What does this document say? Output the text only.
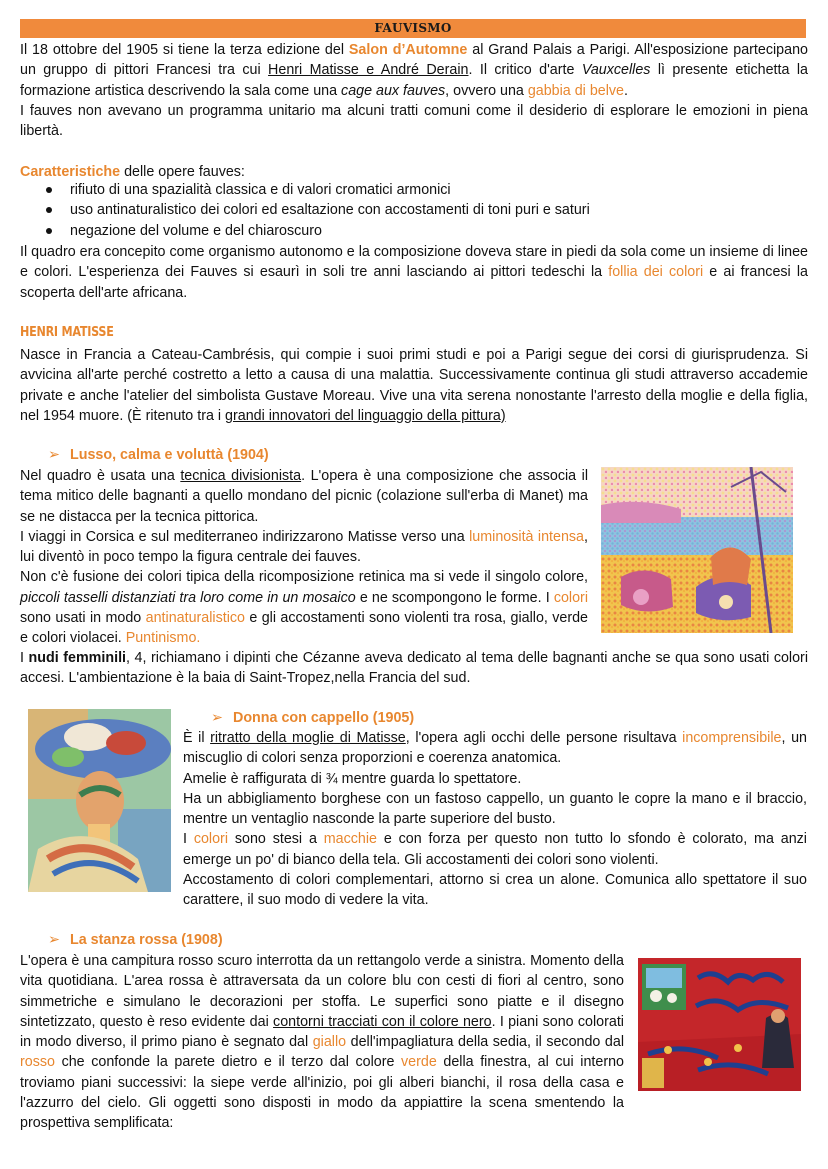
FAUVISMO

Il 18 ottobre del 1905 si tiene la terza edizione del Salon d’Automne al Grand Palais a Parigi. All'esposizione partecipano un gruppo di pittori Francesi tra cui Henri Matisse e André Derain. Il critico d'arte Vauxcelles lì presente etichetta la formazione artistica descrivendo la sala come una cage aux fauves, ovvero una gabbia di belve.
I fauves non avevano un programma unitario ma alcuni tratti comuni come il desiderio di esplorare le emozioni in piena libertà.

Caratteristiche delle opere fauves:

rifiuto di una spazialità classica e di valori cromatici armonici
uso antinaturalistico dei colori ed esaltazione con accostamenti di toni puri e saturi
negazione del volume e del chiaroscuro

Il quadro era concepito come organismo autonomo e la composizione doveva stare in piedi da sola come un insieme di linee e colori. L'esperienza dei Fauves si esaurì in soli tre anni lasciando ai pittori tedeschi la follia dei colori e ai francesi la scoperta dell'arte africana.

HENRI MATISSE

Nasce in Francia a Cateau-Cambrésis, qui compie i suoi primi studi e poi a Parigi segue dei corsi di giurisprudenza. Si avvicina all'arte perché costretto a letto a causa di una malattia. Successivamente continua gli studi attraverso accademie private e anche l'atelier del simbolista Gustave Moreau. Vive una vita serena nonostante l'arresto della moglie e della figlia, nel 1954 muore. (È ritenuto tra i grandi innovatori del linguaggio della pittura)

➢ Lusso, calma e voluttà (1904)

Nel quadro è usata una tecnica divisionista. L'opera è una composizione che associa il tema mitico delle bagnanti a quello mondano del picnic (colazione sull'erba di Manet) ma se ne distacca per la tecnica pittorica.
I viaggi in Corsica e sul mediterraneo indirizzarono Matisse verso una luminosità intensa, lui diventò in poco tempo la figura centrale dei fauves.
Non c'è fusione dei colori tipica della ricomposizione retinica ma si vede il singolo colore, piccoli tasselli distanziati tra loro come in un mosaico e ne scompongono le forme. I colori sono usati in modo antinaturalistico e gli accostamenti sono violenti tra rosa, giallo, verde e colori violacei. Puntinismo.

I nudi femminili, 4, richiamano i dipinti che Cézanne aveva dedicato al tema delle bagnanti anche se qua sono usati colori accesi. L'ambientazione è la baia di Saint-Tropez,nella Francia del sud.

➢ Donna con cappello (1905)

È il ritratto della moglie di Matisse, l'opera agli occhi delle persone risultava incomprensibile, un miscuglio di colori senza proporzioni e coerenza anatomica.
Amelie è raffigurata di ¾ mentre guarda lo spettatore.
Ha un abbigliamento borghese con un fastoso cappello, un guanto le copre la mano e il braccio, mentre un ventaglio nasconde la parte superiore del busto.
I colori sono stesi a macchie e con forza per questo non tutto lo sfondo è colorato, ma anzi emerge un po' di bianco della tela. Gli accostamenti dei colori sono violenti.
Accostamento di colori complementari, attorno si crea un alone. Comunica allo spettatore il suo carattere, il suo modo di vedere la vita.

➢ La stanza rossa (1908)

L'opera è una campitura rosso scuro interrotta da un rettangolo verde a sinistra. Momento della vita quotidiana. L'area rossa è attraversata da un colore blu con cesti di fiori al centro, sono simmetriche e simulano le decorazioni per stoffa. Le superfici sono piatte e il disegno sintetizzato, questo è reso evidente dai contorni tracciati con il colore nero. I piani sono colorati in modo diverso, il primo piano è segnato dal giallo dell'impagliatura della sedia, il secondo dal rosso che confonde la parete dietro e il terzo dal colore verde della finestra, al cui interno troviamo piani successivi: la siepe verde all'inizio, poi gli alberi bianchi, il rosa della casa e l'azzurro del cielo. Gli oggetti sono disposti in modo da appiattire la scena smentendo la prospettiva semplificata:
